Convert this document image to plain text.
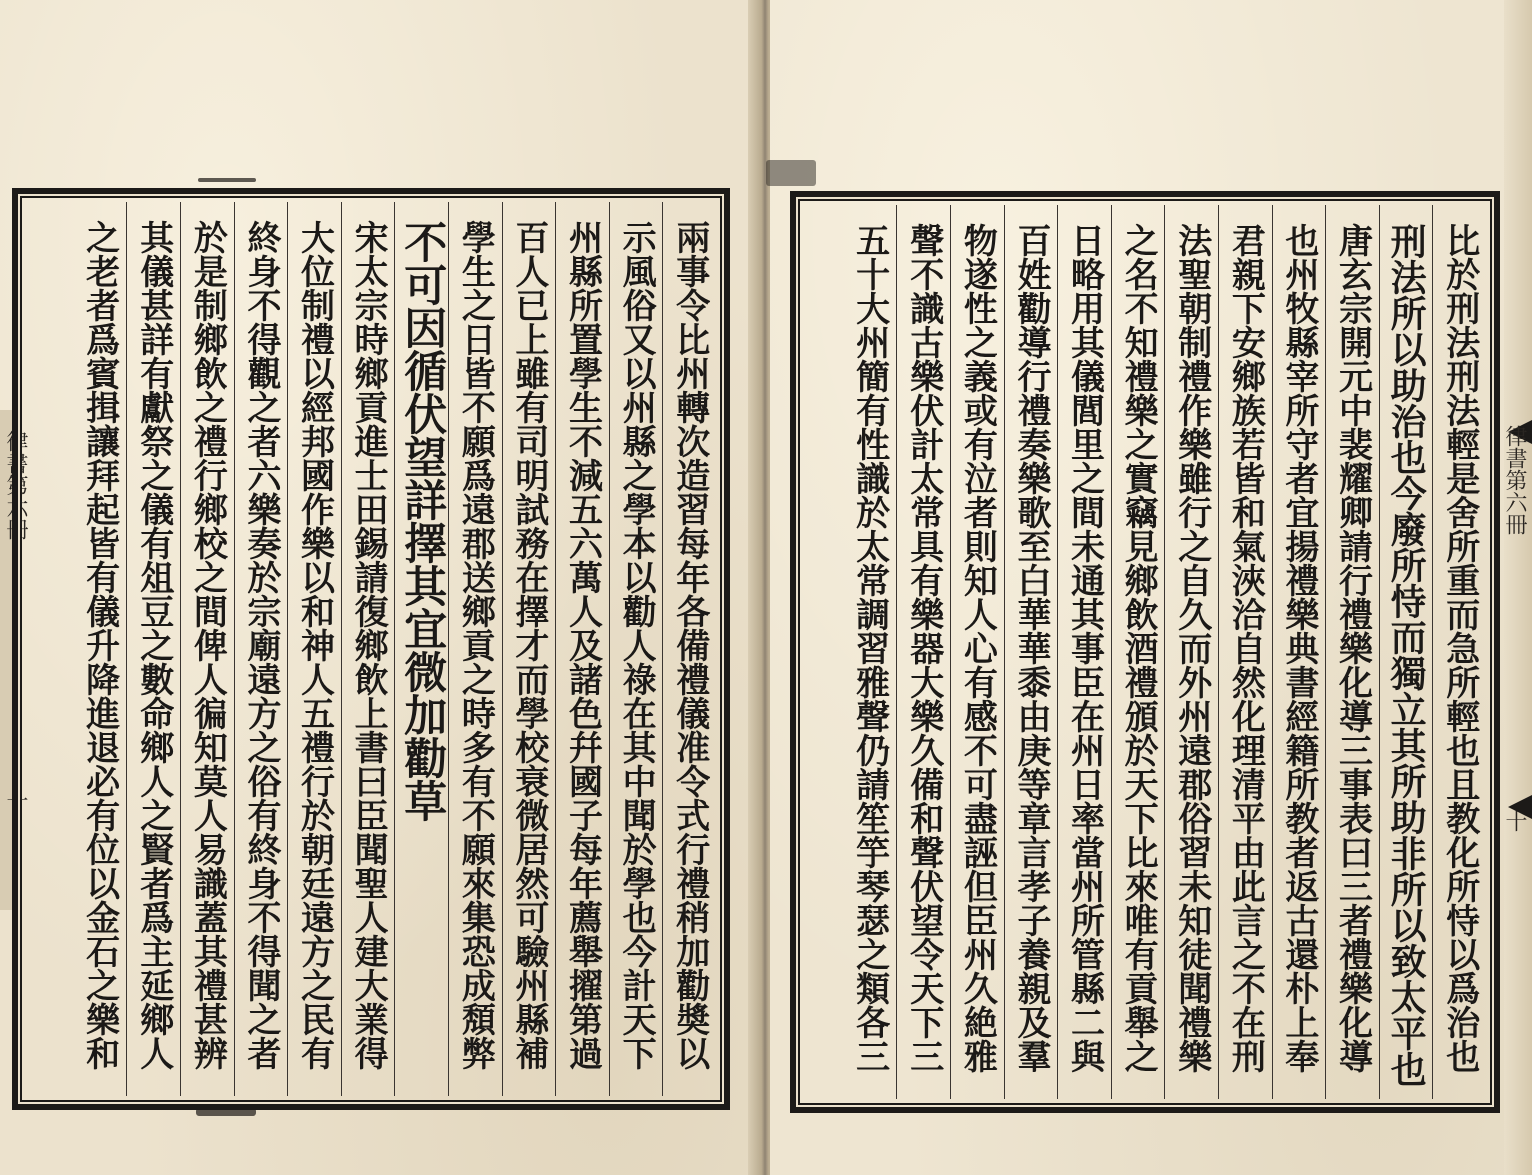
律書第六冊
十	兩事令比州轉次造習每年各備禮儀准令式行禮稍加勸奬以
示風俗又以州縣之學本以勸人祿在其中聞於學也今計天下
州縣所置學生不減五六萬人及諸色幷國子每年薦舉擢第過
百人已上雖有司明試務在擇才而學校衰微居然可驗州縣補
學生之日皆不願爲遠郡送鄉貢之時多有不願來集恐成頽弊
不可因循伏望詳擇其宜微加勸草
宋太宗時鄉貢進士田錫請復鄉飲上書曰臣聞聖人建大業得
大位制禮以經邦國作樂以和神人五禮行於朝廷遠方之民有
終身不得觀之者六樂奏於宗廟遠方之俗有終身不得聞之者
於是制鄉飲之禮行鄉校之間俾人徧知莫人易識蓋其禮甚辨
其儀甚詳有獻祭之儀有俎豆之數命鄉人之賢者爲主延鄉人
之老者爲賓揖讓拜起皆有儀升降進退必有位以金石之樂和	律書第六冊
十
比於刑法刑法輕是舍所重而急所輕也且教化所恃以爲治也
刑法所以助治也今廢所恃而獨立其所助非所以致太平也
唐玄宗開元中裴耀卿請行禮樂化導三事表曰三者禮樂化導
也州牧縣宰所守者宜揚禮樂典書經籍所教者返古還朴上奉
君親下安鄉族若皆和氣浹洽自然化理清平由此言之不在刑
法聖朝制禮作樂雖行之自久而外州遠郡俗習未知徒聞禮樂
之名不知禮樂之實竊見鄉飲酒禮頒於天下比來唯有貢舉之
日略用其儀閭里之間未通其事臣在州日率當州所管縣二與
百姓勸導行禮奏樂歌至白華華黍由庚等章言孝子養親及羣
物遂性之義或有泣者則知人心有感不可盡誣但臣州久絶雅
聲不識古樂伏計太常具有樂器大樂久備和聲伏望令天下三
五十大州簡有性識於太常調習雅聲仍請笙竽琴瑟之類各三
